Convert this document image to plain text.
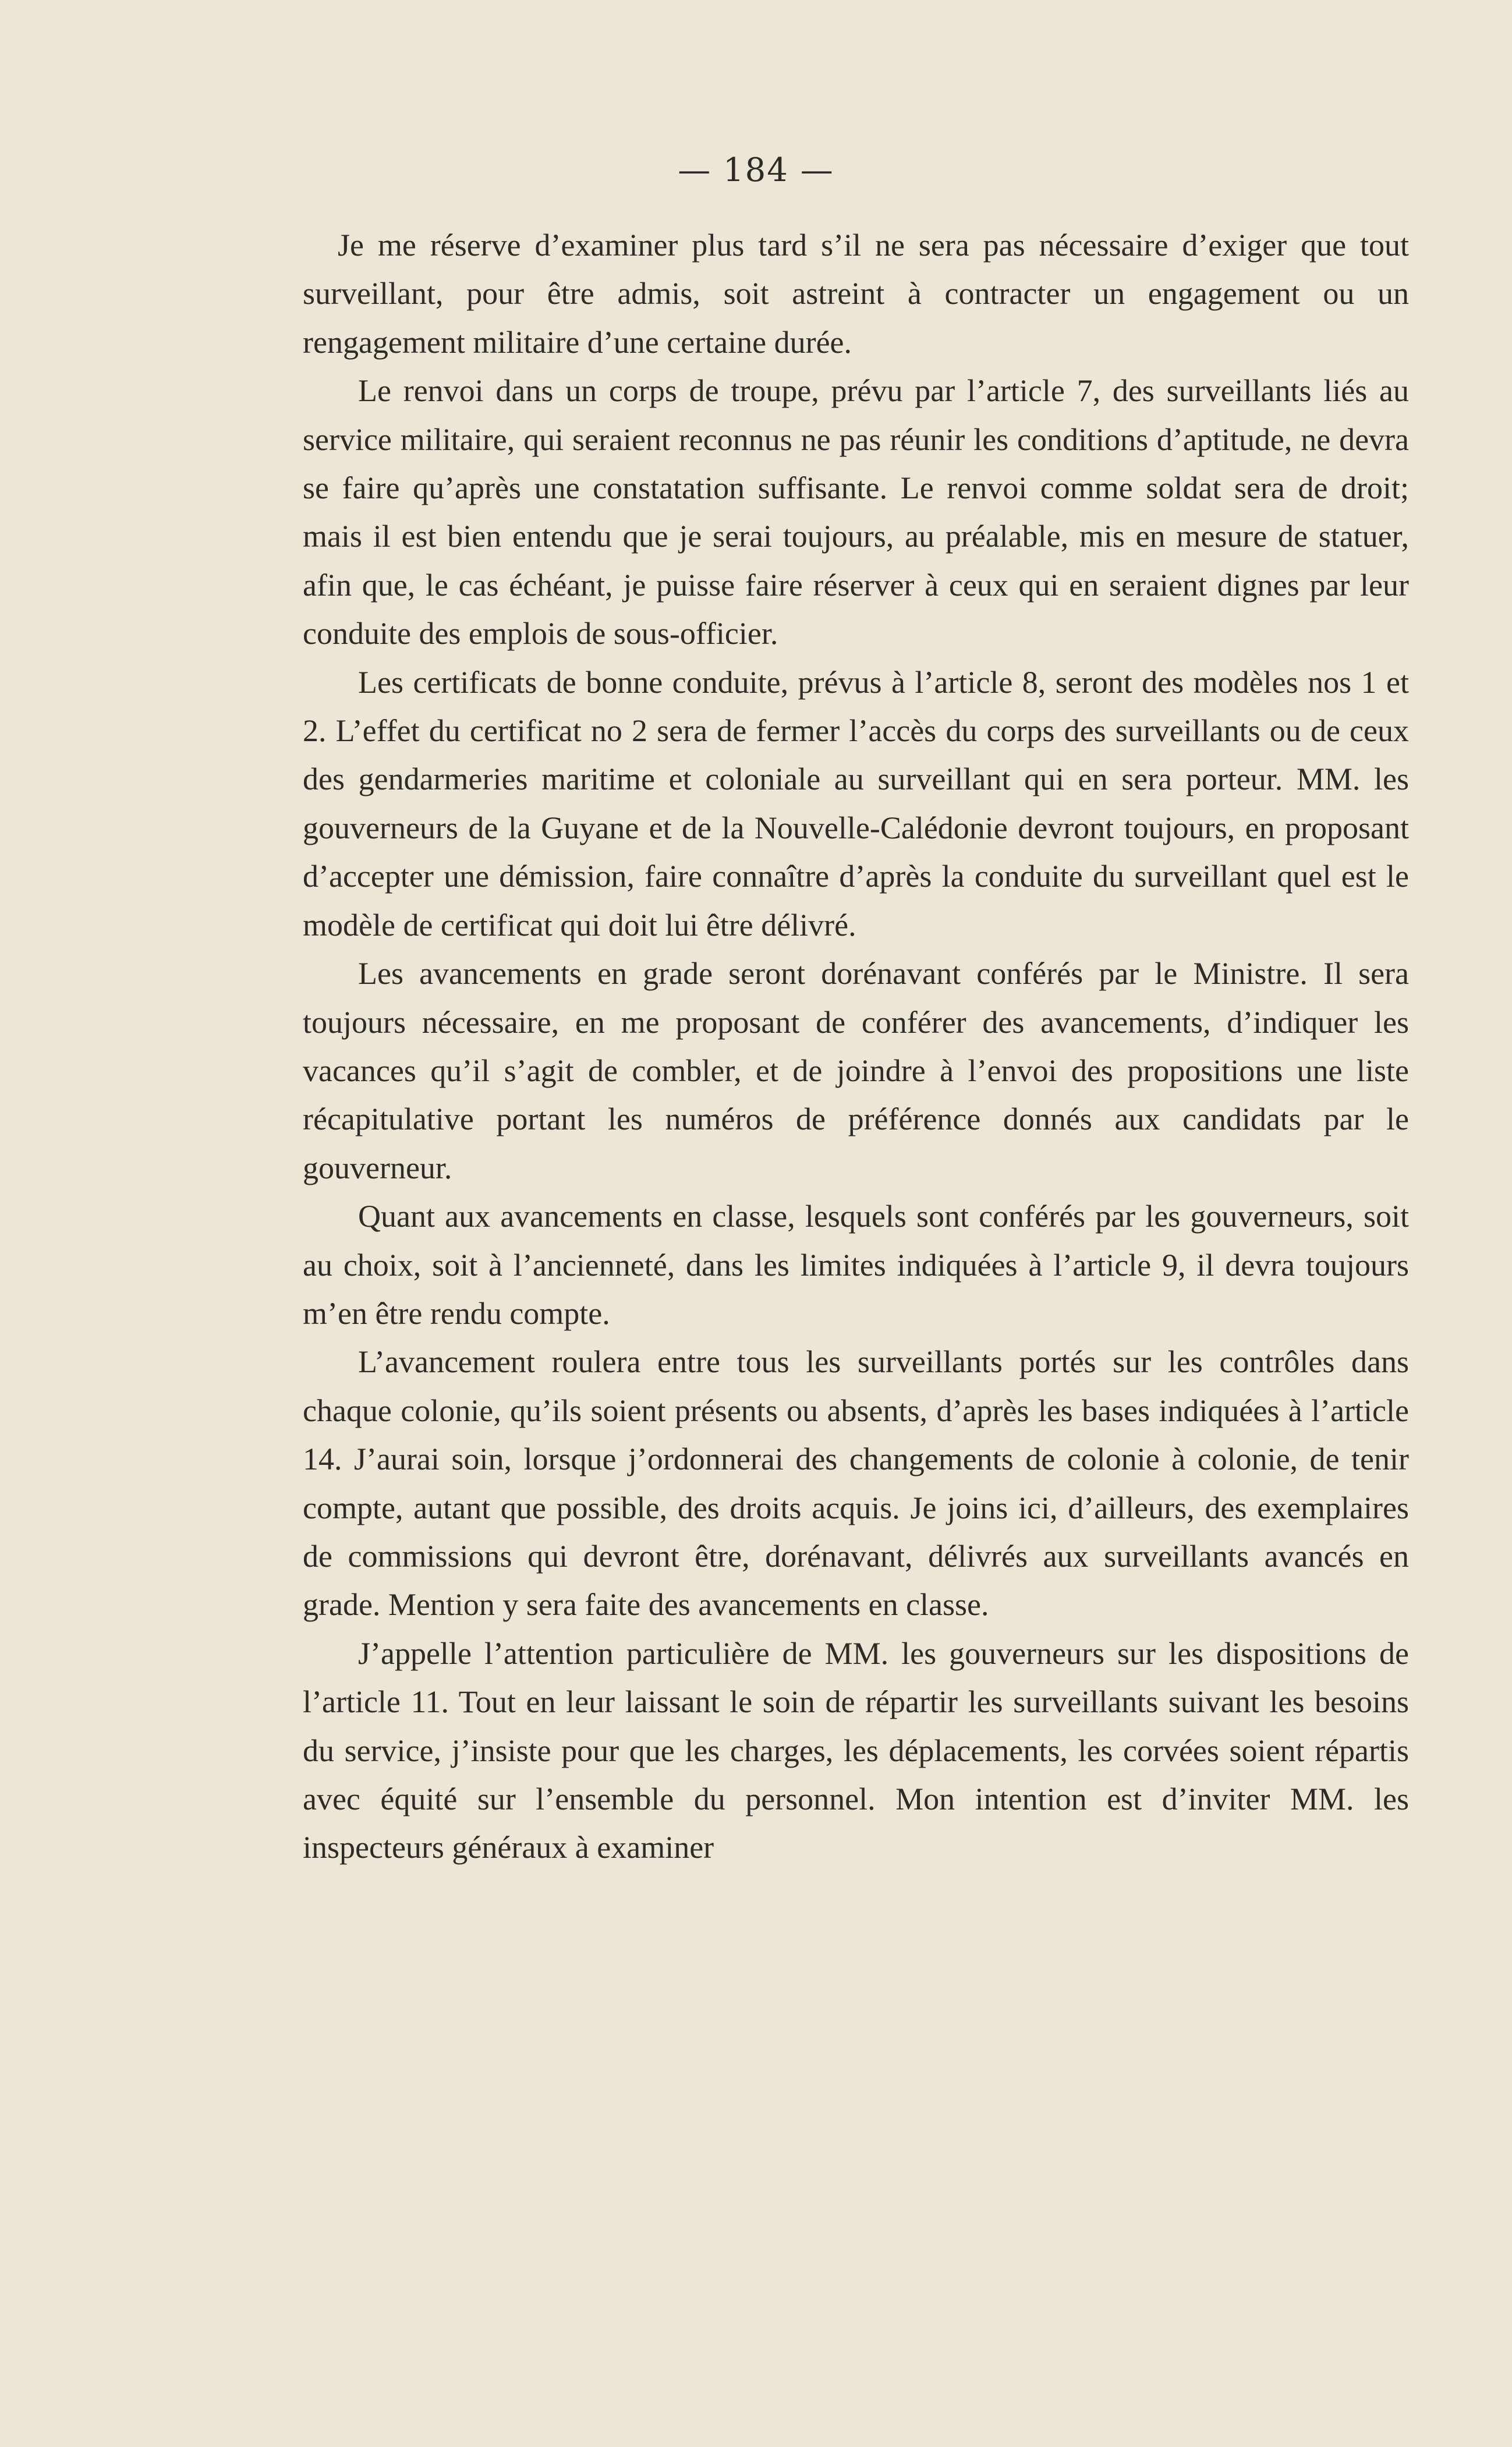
— 184 —

Je me réserve d’examiner plus tard s’il ne sera pas nécessaire d’exiger que tout surveillant, pour être admis, soit astreint à contracter un engagement ou un rengagement militaire d’une certaine durée.

Le renvoi dans un corps de troupe, prévu par l’article 7, des surveillants liés au service militaire, qui seraient reconnus ne pas réunir les conditions d’aptitude, ne devra se faire qu’après une constatation suffisante. Le renvoi comme soldat sera de droit; mais il est bien entendu que je serai toujours, au préalable, mis en mesure de statuer, afin que, le cas échéant, je puisse faire réserver à ceux qui en seraient dignes par leur conduite des emplois de sous-officier.

Les certificats de bonne conduite, prévus à l’article 8, seront des modèles nos 1 et 2. L’effet du certificat no 2 sera de fermer l’accès du corps des surveillants ou de ceux des gendarmeries maritime et coloniale au surveillant qui en sera porteur. MM. les gouverneurs de la Guyane et de la Nouvelle-Calédonie devront toujours, en proposant d’accepter une démission, faire connaître d’après la conduite du surveillant quel est le modèle de certificat qui doit lui être délivré.

Les avancements en grade seront dorénavant conférés par le Ministre. Il sera toujours nécessaire, en me proposant de conférer des avancements, d’indiquer les vacances qu’il s’agit de combler, et de joindre à l’envoi des propositions une liste récapitulative portant les numéros de préférence donnés aux candidats par le gouverneur.

Quant aux avancements en classe, lesquels sont conférés par les gouverneurs, soit au choix, soit à l’ancienneté, dans les limites indiquées à l’article 9, il devra toujours m’en être rendu compte.

L’avancement roulera entre tous les surveillants portés sur les contrôles dans chaque colonie, qu’ils soient présents ou absents, d’après les bases indiquées à l’article 14. J’aurai soin, lorsque j’ordonnerai des changements de colonie à colonie, de tenir compte, autant que possible, des droits acquis. Je joins ici, d’ailleurs, des exemplaires de commissions qui devront être, dorénavant, délivrés aux surveillants avancés en grade. Mention y sera faite des avancements en classe.

J’appelle l’attention particulière de MM. les gouverneurs sur les dispositions de l’article 11. Tout en leur laissant le soin de répartir les surveillants suivant les besoins du service, j’insiste pour que les charges, les déplacements, les corvées soient répartis avec équité sur l’ensemble du personnel. Mon intention est d’inviter MM. les inspecteurs généraux à examiner
